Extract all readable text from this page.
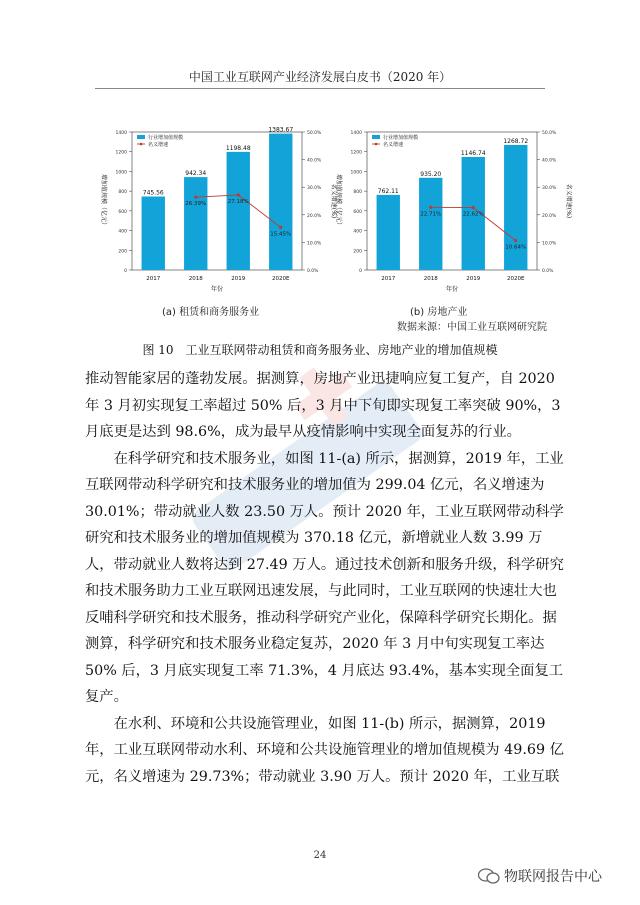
中国工业互联网产业经济发展白皮书（2020 年）
0
200
400
600
800
1000
1200
1400
0.0%
10.0%
20.0%
30.0%
40.0%
50.0%
745.56
2017
942.34
2018
1198.48
2019
1383.67
2020E
26.39%	27.18%
15.45%
行业增加值规模
名义增速
年份
增加值规模（亿元）	名义增速(%)
0
200
400
600
800
1000
1200
1400
0.0%
10.0%
20.0%
30.0%
40.0%
50.0%
762.11
2017
935.20
2018
1146.74
2019
1268.72
2020E
22.71%	22.62%
10.64%
行业增加值规模
名义增速
年份
增加值规模（亿元）	名义增速(%)
(a) 租赁和商务服务业	(b) 房地产业
数据来源：中国工业互联网研究院
图 10　工业互联网带动租赁和商务服务业、房地产业的增加值规模

推动智能家居的蓬勃发展。据测算，房地产业迅捷响应复工复产，自 2020 年 3 月初实现复工率超过 50% 后，3 月中下旬即实现复工率突破 90%，3 月底更是达到 98.6%，成为最早从疫情影响中实现全面复苏的行业。

在科学研究和技术服务业，如图 11-(a) 所示，据测算，2019 年，工业互联网带动科学研究和技术服务业的增加值为 299.04 亿元，名义增速为 30.01%；带动就业人数 23.50 万人。预计 2020 年，工业互联网带动科学研究和技术服务业的增加值规模为 370.18 亿元，新增就业人数 3.99 万人，带动就业人数将达到 27.49 万人。通过技术创新和服务升级，科学研究和技术服务助力工业互联网迅速发展，与此同时，工业互联网的快速壮大也反哺科学研究和技术服务，推动科学研究产业化，保障科学研究长期化。据测算，科学研究和技术服务业稳定复苏，2020 年 3 月中旬实现复工率达 50% 后，3 月底实现复工率 71.3%，4 月底达 93.4%，基本实现全面复工复产。

在水利、环境和公共设施管理业，如图 11-(b) 所示，据测算，2019 年，工业互联网带动水利、环境和公共设施管理业的增加值规模为 49.69 亿元，名义增速为 29.73%；带动就业 3.90 万人。预计 2020 年，工业互联

24
物联网报告中心
